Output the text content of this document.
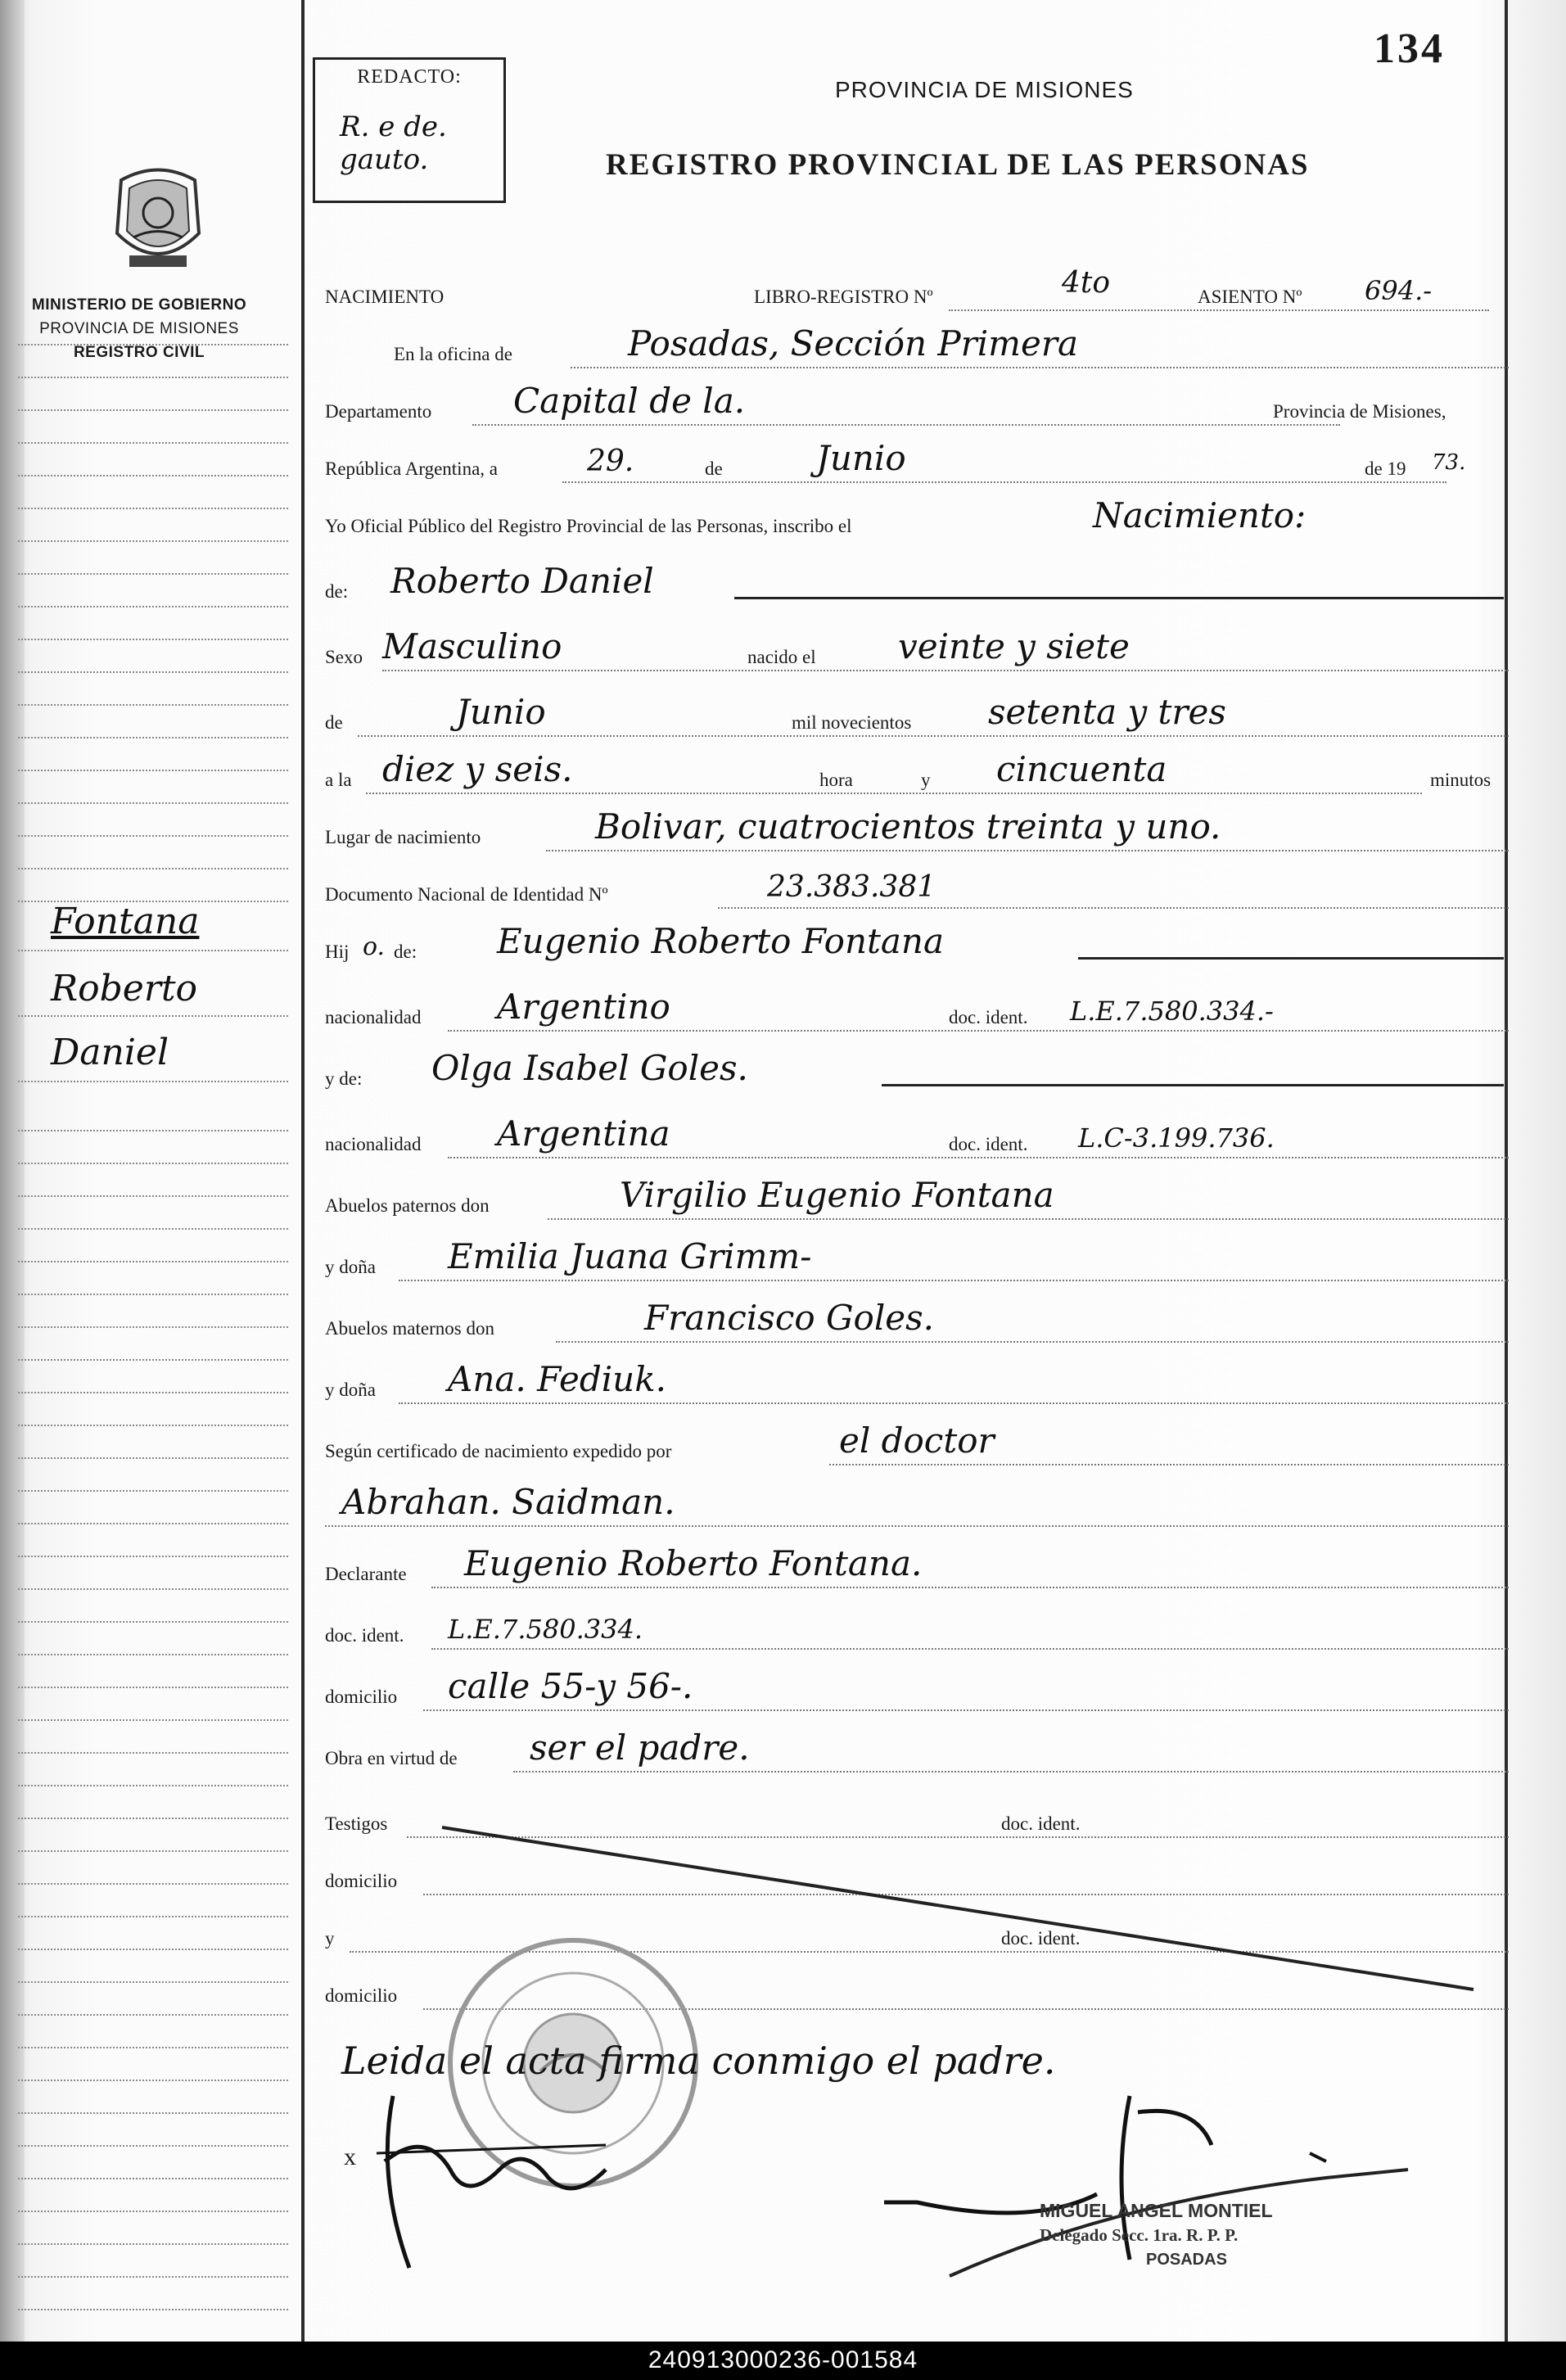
MINISTERIO DE GOBIERNO
PROVINCIA DE MISIONES
REGISTRO CIVIL
REDACTO:
R. e de.
gauto.
134
PROVINCIA DE MISIONES
REGISTRO PROVINCIAL DE LAS PERSONAS
NACIMIENTO	LIBRO-REGISTRO Nº	4to	ASIENTO Nº 694.-
En la oficina de	Posadas, Sección Primera
Departamento Capital de la.	Provincia de Misiones,
República Argentina, a	29.	de	Junio	de 19 73.
Yo Oficial Público del Registro Provincial de las Personas, inscribo el	Nacimiento:
de: Roberto Daniel
Sexo Masculino	nacido el veinte y siete
de	Junio	mil novecientos setenta y tres
a la diez y seis.	hora	y cincuenta	minutos
Lugar de nacimiento	Bolivar, cuatrocientos treinta y uno.
Documento Nacional de Identidad Nº	23.383.381
Hij o. de: Eugenio Roberto Fontana
nacionalidad Argentino	doc. ident. L.E.7.580.334.-
y de: Olga Isabel Goles.
nacionalidad Argentina	doc. ident. L.C-3.199.736.
Abuelos paternos don	Virgilio Eugenio Fontana
y doña Emilia Juana Grimm-
Abuelos maternos don	Francisco Goles.
y doña Ana. Fediuk.
Según certificado de nacimiento expedido por	el doctor
Abrahan. Saidman.
Declarante Eugenio Roberto Fontana.
doc. ident. L.E.7.580.334.
domicilio calle 55-y 56-.
Obra en virtud de ser el padre.
Testigos	doc. ident.
domicilio
y	doc. ident.
domicilio
Leida el acta firma conmigo el padre.
x
MIGUEL ANGEL MONTIEL
Delegado Secc. 1ra. R. P. P.
POSADAS
Fontana
Roberto
Daniel
240913000236-001584
